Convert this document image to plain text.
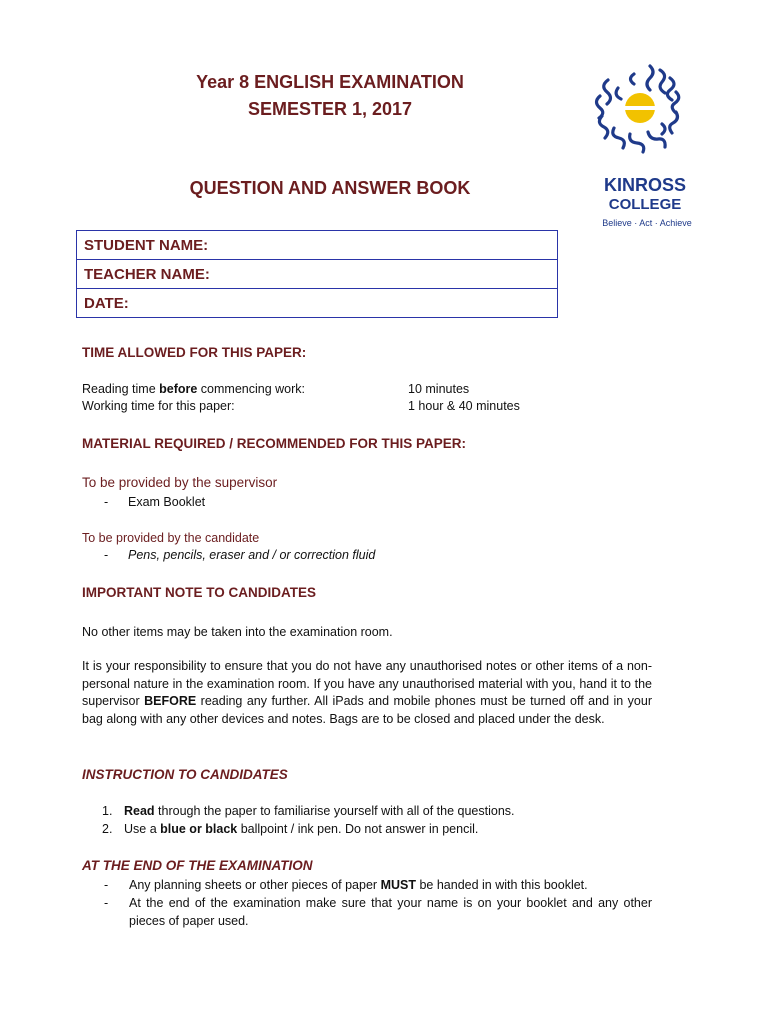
Year 8 ENGLISH EXAMINATION
SEMESTER 1, 2017
QUESTION AND ANSWER BOOK	KINROSS
COLLEGE
Believe · Act · Achieve
STUDENT NAME:
TEACHER NAME:
DATE:
TIME ALLOWED FOR THIS PAPER:
Reading time before commencing work:	10 minutes
Working time for this paper:	1 hour & 40 minutes
MATERIAL REQUIRED / RECOMMENDED FOR THIS PAPER:
To be provided by the supervisor
- Exam Booklet
To be provided by the candidate
- Pens, pencils, eraser and / or correction fluid
IMPORTANT NOTE TO CANDIDATES
No other items may be taken into the examination room.
It is your responsibility to ensure that you do not have any unauthorised notes or other items of a non-personal nature in the examination room. If you have any unauthorised material with you, hand it to the supervisor BEFORE reading any further. All iPads and mobile phones must be turned off and in your bag along with any other devices and notes. Bags are to be closed and placed under the desk.
INSTRUCTION TO CANDIDATES
1. Read through the paper to familiarise yourself with all of the questions.
2. Use a blue or black ballpoint / ink pen. Do not answer in pencil.
AT THE END OF THE EXAMINATION
- Any planning sheets or other pieces of paper MUST be handed in with this booklet.
- At the end of the examination make sure that your name is on your booklet and any other pieces of paper used.
